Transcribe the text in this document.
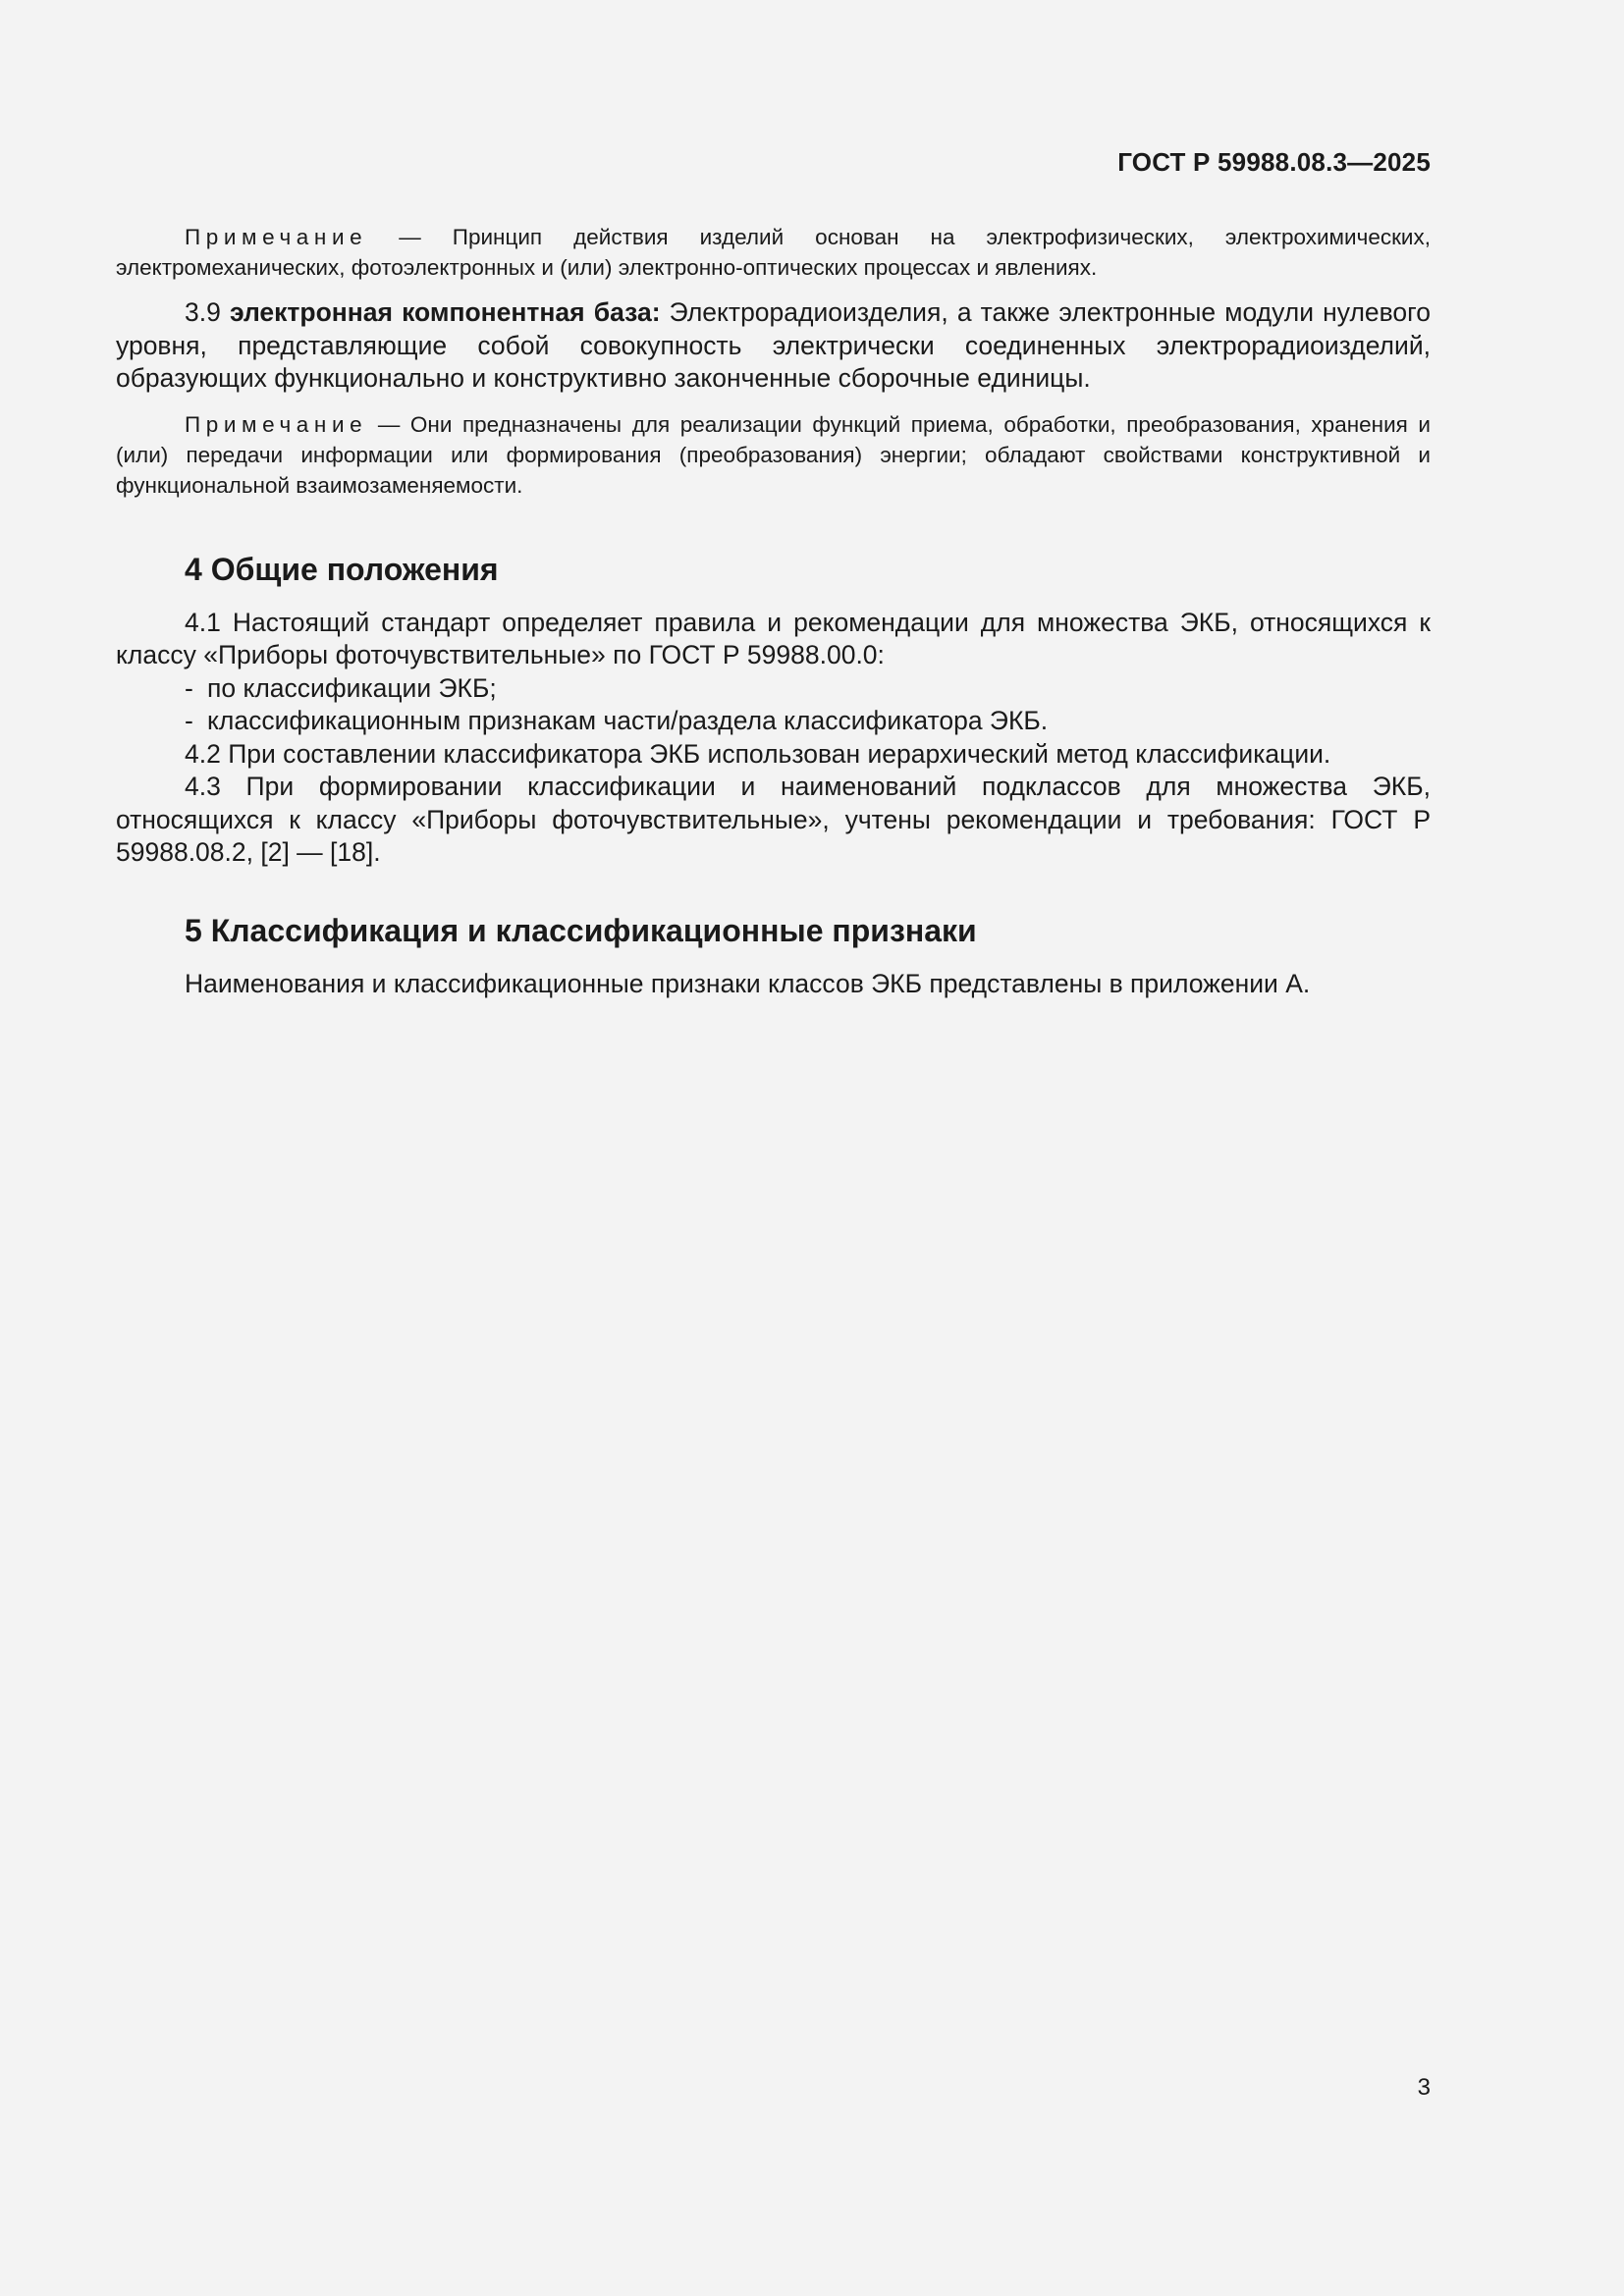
ГОСТ Р 59988.08.3—2025

Примечание — Принцип действия изделий основан на электрофизических, электрохимических, электромеханических, фотоэлектронных и (или) электронно-оптических процессах и явлениях.

3.9 электронная компонентная база: Электрорадиоизделия, а также электронные модули нулевого уровня, представляющие собой совокупность электрически соединенных электрорадиоизделий, образующих функционально и конструктивно законченные сборочные единицы.

Примечание — Они предназначены для реализации функций приема, обработки, преобразования, хранения и (или) передачи информации или формирования (преобразования) энергии; обладают свойствами конструктивной и функциональной взаимозаменяемости.

4 Общие положения

4.1 Настоящий стандарт определяет правила и рекомендации для множества ЭКБ, относящихся к классу «Приборы фоточувствительные» по ГОСТ Р 59988.00.0:

- по классификации ЭКБ;
- классификационным признакам части/раздела классификатора ЭКБ.

4.2 При составлении классификатора ЭКБ использован иерархический метод классификации.

4.3 При формировании классификации и наименований подклассов для множества ЭКБ, относящихся к классу «Приборы фоточувствительные», учтены рекомендации и требования: ГОСТ Р 59988.08.2, [2] — [18].

5 Классификация и классификационные признаки

Наименования и классификационные признаки классов ЭКБ представлены в приложении А.

3
